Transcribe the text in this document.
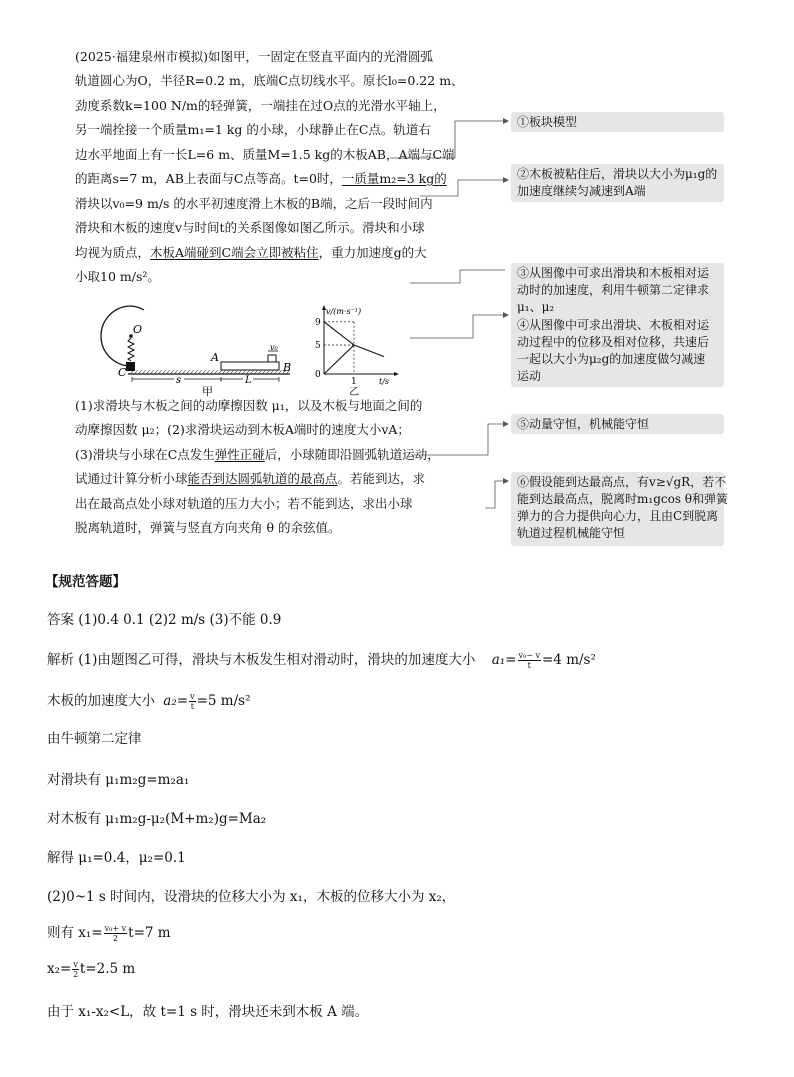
(2025·福建泉州市模拟)如图甲，一固定在竖直平面内的光滑圆弧
轨道圆心为O，半径R=0.2 m，底端C点切线水平。原长l₀=0.22 m、
劲度系数k=100 N/m的轻弹簧，一端挂在过O点的光滑水平轴上，
另一端拴接一个质量m₁=1 kg 的小球，小球静止在C点。轨道右
边水平地面上有一长L=6 m、质量M=1.5 kg的木板AB，A端与C端
的距离s=7 m，AB上表面与C点等高。t=0时，一质量m₂=3 kg的
滑块以v₀=9 m/s 的水平初速度滑上木板的B端，之后一段时间内
滑块和木板的速度v与时间t的关系图像如图乙所示。滑块和小球
均视为质点，木板A端碰到C端会立即被粘住，重力加速度g的大
小取10 m/s²。
(1)求滑块与木板之间的动摩擦因数 μ₁，以及木板与地面之间的
动摩擦因数 μ₂；(2)求滑块运动到木板A端时的速度大小vA；
(3)滑块与小球在C点发生弹性正碰后，小球随即沿圆弧轨道运动，
试通过计算分析小球能否到达圆弧轨道的最高点。若能到达，求
出在最高点处小球对轨道的压力大小；若不能到达，求出小球
脱离轨道时，弹簧与竖直方向夹角 θ 的余弦值。
O
C
A
B
v₀
s	L
甲
9
5
0
1
v/(m·s⁻¹)
t/s
乙
①板块模型
②木板被粘住后，滑块以大小为μ₁g的
加速度继续匀减速到A端
③从图像中可求出滑块和木板相对运
动时的加速度，利用牛顿第二定律求
μ₁、μ₂
④从图像中可求出滑块、木板相对运
动过程中的位移及相对位移，共速后
一起以大小为μ₂g的加速度做匀减速
运动
⑤动量守恒，机械能守恒
⑥假设能到达最高点，有v≥√gR，若不
能到达最高点，脱离时m₁gcos θ和弹簧
弹力的合力提供向心力，且由C到脱离
轨道过程机械能守恒
【规范答题】
答案 (1)0.4 0.1 (2)2 m/s (3)不能 0.9
解析 (1)由题图乙可得，滑块与木板发生相对滑动时，滑块的加速度大小 $a_1= \frac{\text{v₀− v}}{t} =4$ m/s²
木板的加速度大小 $a_2= \frac{v}{t} =5$ m/s²
由牛顿第二定律
对滑块有 μ₁m₂g=m₂a₁
对木板有 μ₁m₂g-μ₂(M+m₂)g=Ma₂
解得 μ₁=0.4，μ₂=0.1
(2)0~1 s 时间内，设滑块的位移大小为 x₁，木板的位移大小为 x₂，
则有 $x_1= \frac{\text{v₀+ v}}{2} t=7$ m
$x_2= \frac{v}{2} t=2.5$ m
由于 x₁-x₂<L，故 t=1 s 时，滑块还未到木板 A 端。
